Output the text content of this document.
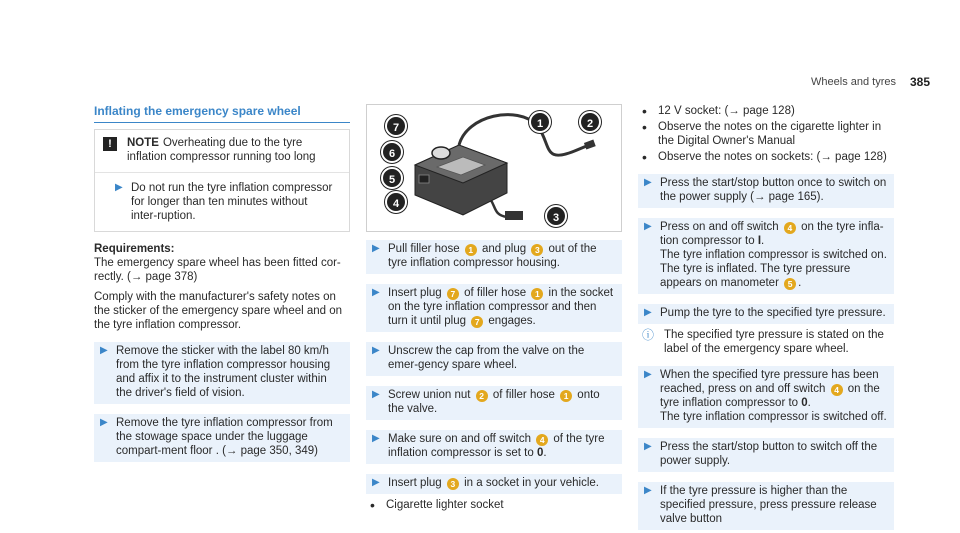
Wheels and tyres 385
Inflating the emergency spare wheel
!	NOTE Overheating due to the tyre inflation compressor running too long
▶ Do not run the tyre inflation compressor for longer than ten minutes without inter-ruption.
Requirements:
The emergency spare wheel has been fitted cor-rectly. (→ page 378)
Comply with the manufacturer's safety notes on the sticker of the emergency spare wheel and on the tyre inflation compressor.
▶ Remove the sticker with the label 80 km/h from the tyre inflation compressor housing and affix it to the instrument cluster within the driver's field of vision.
▶ Remove the tyre inflation compressor from the stowage space under the luggage compart-ment floor . (→ page 350, 349)
7
6
5
4
1	2
3
▶ Pull filler hose 1 and plug 3 out of the tyre inflation compressor housing.
▶ Insert plug 7 of filler hose 1 in the socket on the tyre inflation compressor and then turn it until plug 7 engages.
▶ Unscrew the cap from the valve on the emer-gency spare wheel.
▶ Screw union nut 2 of filler hose 1 onto the valve.
▶ Make sure on and off switch 4 of the tyre inflation compressor is set to 0.
▶ Insert plug 3 in a socket in your vehicle.
• Cigarette lighter socket
• 12 V socket: (→ page 128)
• Observe the notes on the cigarette lighter in the Digital Owner's Manual
• Observe the notes on sockets: (→ page 128)
▶ Press the start/stop button once to switch on the power supply (→ page 165).
▶ Press on and off switch 4 on the tyre infla-tion compressor to I.
The tyre inflation compressor is switched on. The tyre is inflated. The tyre pressure appears on manometer 5 .
▶ Pump the tyre to the specified tyre pressure.
ⓘ The specified tyre pressure is stated on the label of the emergency spare wheel.
▶ When the specified tyre pressure has been reached, press on and off switch 4 on the tyre inflation compressor to 0.
The tyre inflation compressor is switched off.
▶ Press the start/stop button to switch off the power supply.
▶ If the tyre pressure is higher than the specified pressure, press pressure release valve button
